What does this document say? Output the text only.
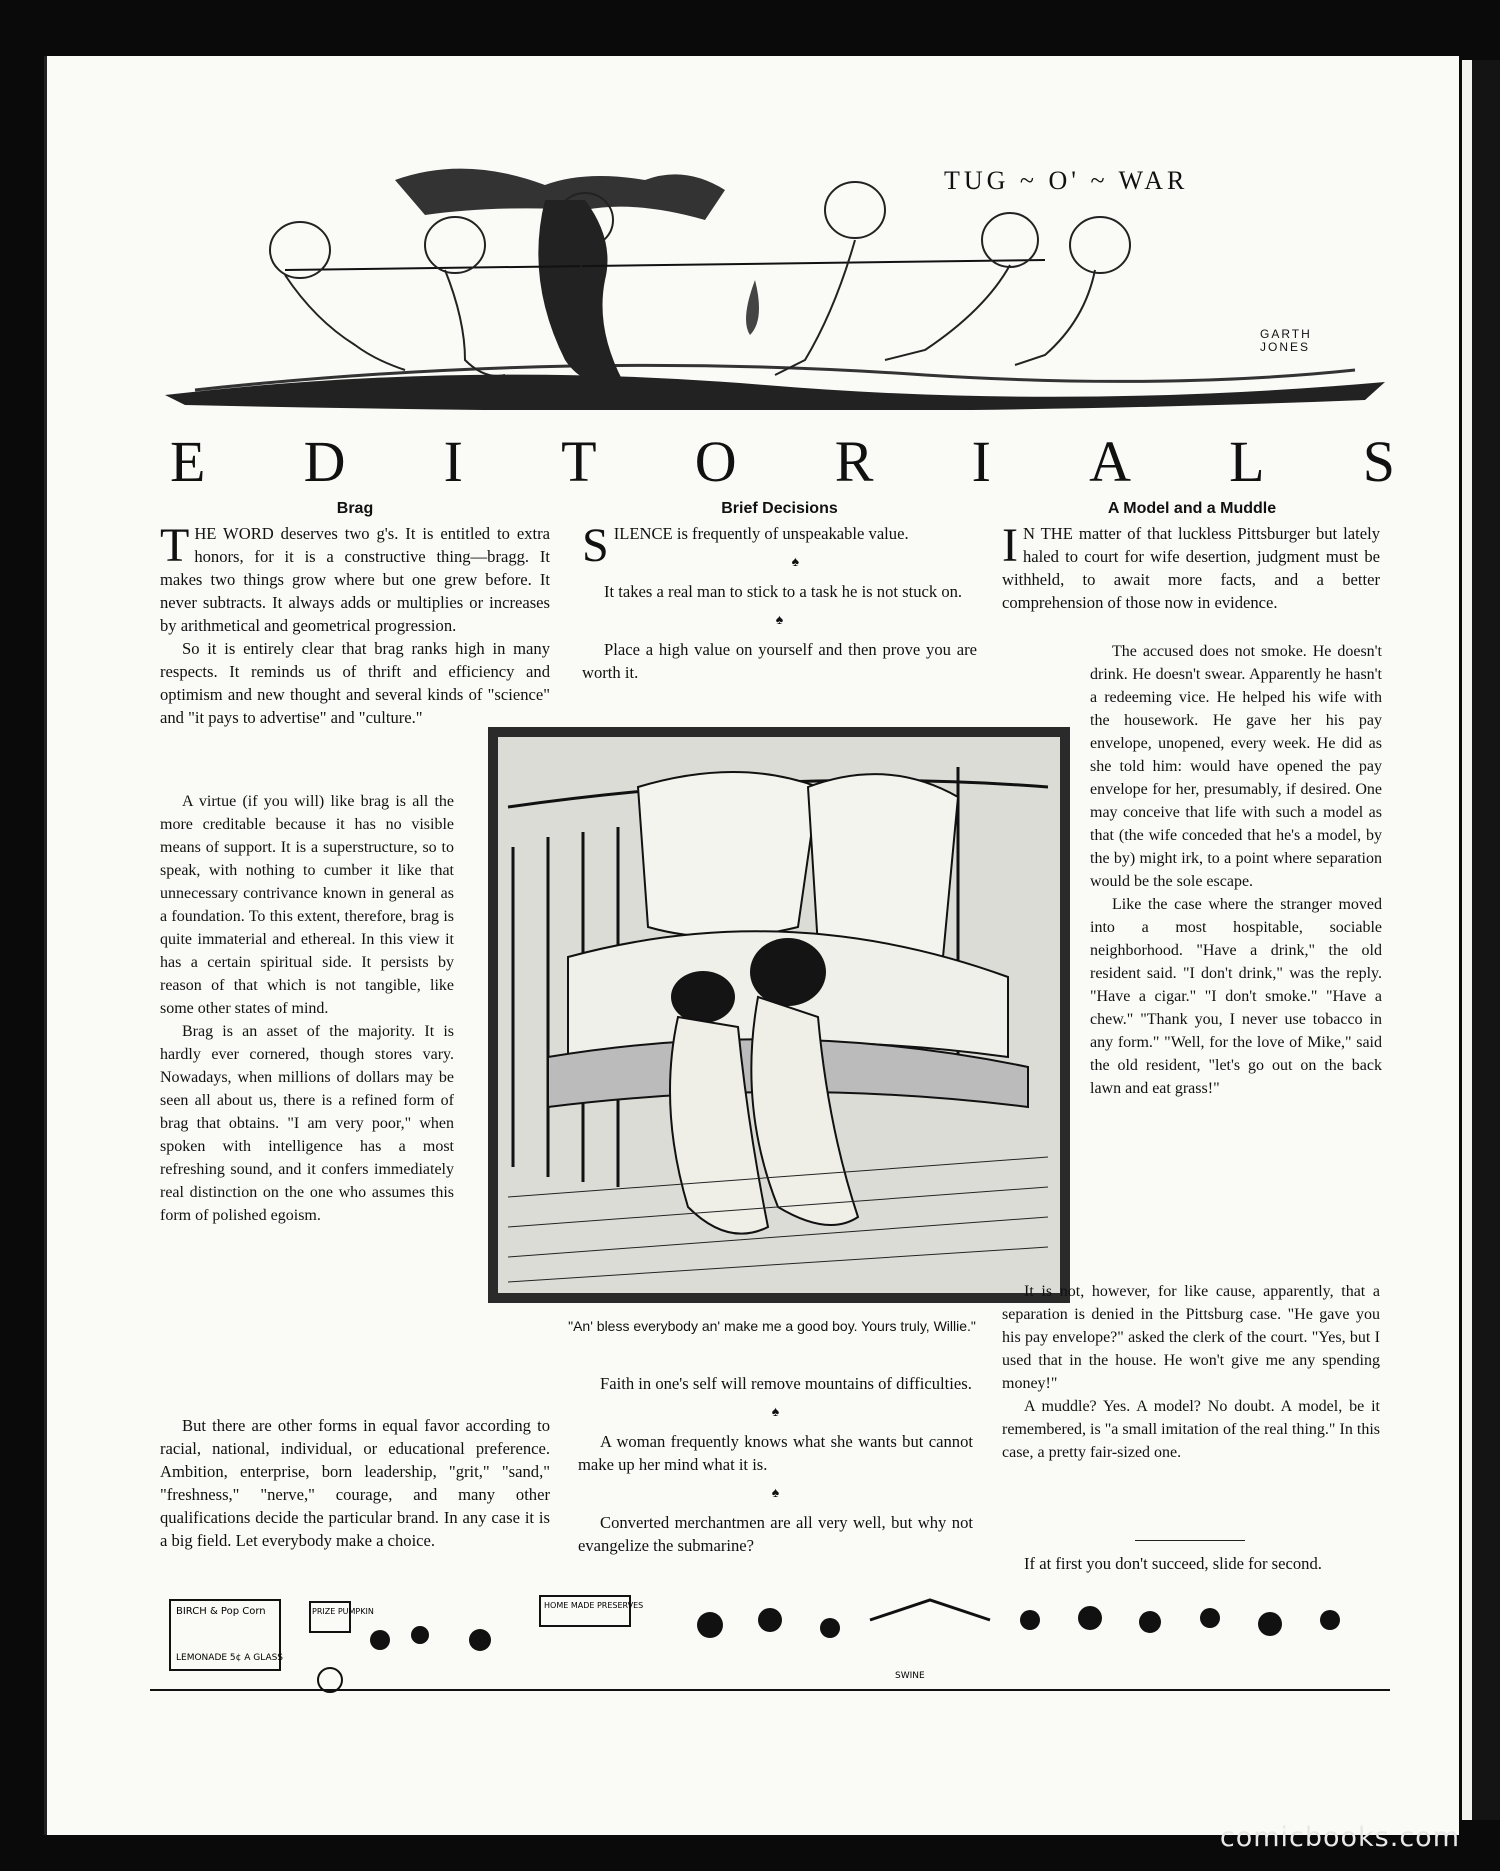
TUG ~ O' ~ WAR
GARTH
JONES
E D I T O R I A L S
Brag

THE WORD deserves two g's. It is entitled to extra honors, for it is a constructive thing—bragg. It makes two things grow where but one grew before. It never subtracts. It always adds or multiplies or increases by arithmetical and geometrical progression.

So it is entirely clear that brag ranks high in many respects. It reminds us of thrift and efficiency and optimism and new thought and several kinds of "science" and "it pays to advertise" and "culture."

A virtue (if you will) like brag is all the more creditable because it has no visible means of support. It is a superstructure, so to speak, with nothing to cumber it like that unnecessary contrivance known in general as a foundation. To this extent, therefore, brag is quite immaterial and ethereal. In this view it has a certain spiritual side. It persists by reason of that which is not tangible, like some other states of mind.

Brag is an asset of the majority. It is hardly ever cornered, though stores vary. Nowadays, when millions of dollars may be seen all about us, there is a refined form of brag that obtains. "I am very poor," when spoken with intelligence has a most refreshing sound, and it confers immediately real distinction on the one who assumes this form of polished egoism.

But there are other forms in equal favor according to racial, national, individual, or educational preference. Ambition, enterprise, born leadership, "grit," "sand," "freshness," "nerve," courage, and many other qualifications decide the particular brand. In any case it is a big field. Let everybody make a choice.

Brief Decisions

SILENCE is frequently of unspeakable value.

♠

It takes a real man to stick to a task he is not stuck on.

♠

Place a high value on yourself and then prove you are worth it.

Faith in one's self will remove mountains of difficulties.

♠

A woman frequently knows what she wants but cannot make up her mind what it is.

♠

Converted merchantmen are all very well, but why not evangelize the submarine?

"An' bless everybody an' make me a good boy. Yours truly, Willie."
A Model and a Muddle

I N THE matter of that luckless Pittsburger but lately haled to court for wife desertion, judgment must be withheld, to await more facts, and a better comprehension of those now in evidence.

The accused does not smoke. He doesn't drink. He doesn't swear. Apparently he hasn't a redeeming vice. He helped his wife with the housework. He gave her his pay envelope, unopened, every week. He did as she told him: would have opened the pay envelope for her, presumably, if desired. One may conceive that life with such a model as that (the wife conceded that he's a model, by the by) might irk, to a point where separation would be the sole escape.

Like the case where the stranger moved into a most hospitable, sociable neighborhood. "Have a drink," the old resident said. "I don't drink," was the reply. "Have a cigar." "I don't smoke." "Have a chew." "Thank you, I never use tobacco in any form." "Well, for the love of Mike," said the old resident, "let's go out on the back lawn and eat grass!"

It is not, however, for like cause, apparently, that a separation is denied in the Pittsburg case. "He gave you his pay envelope?" asked the clerk of the court. "Yes, but I used that in the house. He won't give me any spending money!"

A muddle? Yes. A model? No doubt. A model, be it remembered, is "a small imitation of the real thing." In this case, a pretty fair-sized one.

If at first you don't succeed, slide for second.

BIRCH & Pop Corn
LEMONADE 5¢ A GLASS
PRIZE PUMPKIN
HOME MADE PRESERVES
SWINE
comicbooks.com
